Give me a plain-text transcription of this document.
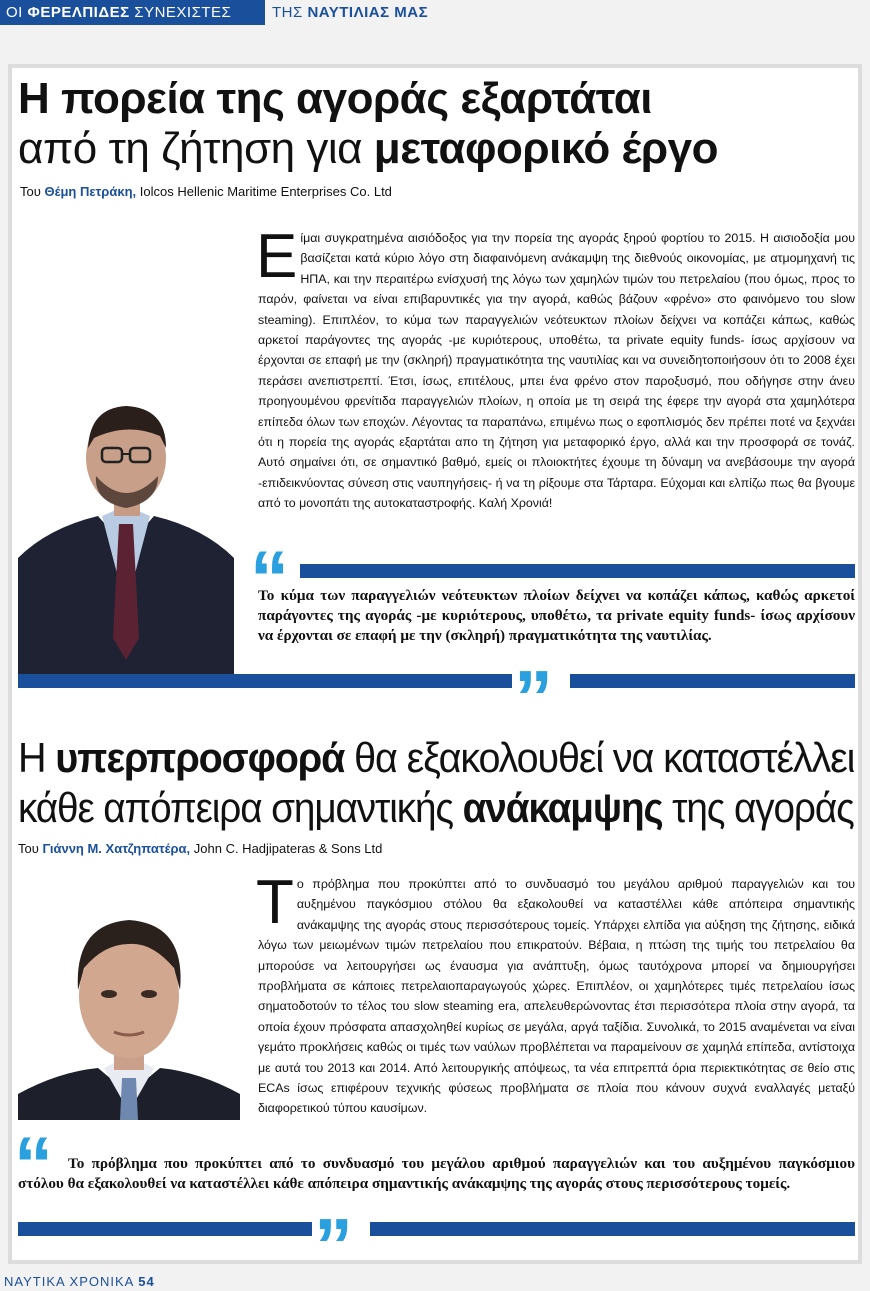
ΟΙ ΦΕΡΕΛΠΙΔΕΣ ΣΥΝΕΧΙΣΤΕΣ	ΤΗΣ ΝΑΥΤΙΛΙΑΣ ΜΑΣ
Η πορεία της αγοράς εξαρτάται
από τη ζήτηση για μεταφορικό έργο
Του Θέμη Πετράκη, Iolcos Hellenic Maritime Enterprises Co. Ltd
Είμαι συγκρατημένα αισιόδοξος για την πορεία της αγοράς ξηρού φορτίου το 2015. Η αισιοδοξία μου βασίζεται κατά κύριο λόγο στη διαφαινόμενη ανάκαμψη της διεθνούς οικονομίας, με ατμομηχανή τις ΗΠΑ, και την περαιτέρω ενίσχυσή της λόγω των χαμηλών τιμών του πετρελαίου (που όμως, προς το παρόν, φαίνεται να είναι επιβαρυντικές για την αγορά, καθώς βάζουν «φρένο» στο φαινόμενο του slow steaming). Επιπλέον, το κύμα των παραγγελιών νεότευκτων πλοίων δείχνει να κοπάζει κάπως, καθώς αρκετοί παράγοντες της αγοράς -με κυριότερους, υποθέτω, τα private equity funds- ίσως αρχίσουν να έρχονται σε επαφή με την (σκληρή) πραγματικότητα της ναυτιλίας και να συνειδητοποιήσουν ότι το 2008 έχει περάσει ανεπιστρεπτί. Έτσι, ίσως, επιτέλους, μπει ένα φρένο στον παροξυσμό, που οδήγησε στην άνευ προηγουμένου φρενίτιδα παραγγελιών πλοίων, η οποία με τη σειρά της έφερε την αγορά στα χαμηλότερα επίπεδα όλων των εποχών. Λέγοντας τα παραπάνω, επιμένω πως ο εφοπλισμός δεν πρέπει ποτέ να ξεχνάει ότι η πορεία της αγοράς εξαρτάται απο τη ζήτηση για μεταφορικό έργο, αλλά και την προσφορά σε τονάζ. Αυτό σημαίνει ότι, σε σημαντικό βαθμό, εμείς οι πλοιοκτήτες έχουμε τη δύναμη να ανεβάσουμε την αγορά -επιδεικνύοντας σύνεση στις ναυπηγήσεις- ή να τη ρίξουμε στα Τάρταρα. Εύχομαι και ελπίζω πως θα βγουμε από το μονοπάτι της αυτοκαταστροφής. Καλή Χρονιά!
“
Το κύμα των παραγγελιών νεότευκτων πλοίων δείχνει να κοπάζει κάπως, καθώς αρκετοί παράγοντες της αγοράς -με κυριότερους, υποθέτω, τα private equity funds- ίσως αρχίσουν να έρχονται σε επαφή με την (σκληρή) πραγματικότητα της ναυτιλίας.
”
Η υπερπροσφορά θα εξακολουθεί να καταστέλλει
κάθε απόπειρα σημαντικής ανάκαμψης της αγοράς
Του Γιάννη Μ. Χατζηπατέρα, John C. Hadjipateras & Sons Ltd
Το πρόβλημα που προκύπτει από το συνδυασμό του μεγάλου αριθμού παραγγελιών και του αυξημένου παγκόσμιου στόλου θα εξακολουθεί να καταστέλλει κάθε απόπειρα σημαντικής ανάκαμψης της αγοράς στους περισσότερους τομείς. Υπάρχει ελπίδα για αύξηση της ζήτησης, ειδικά λόγω των μειωμένων τιμών πετρελαίου που επικρατούν. Βέβαια, η πτώση της τιμής του πετρελαίου θα μπορούσε να λειτουργήσει ως έναυσμα για ανάπτυξη, όμως ταυτόχρονα μπορεί να δημιουργήσει προβλήματα σε κάποιες πετρελαιοπαραγωγούς χώρες. Επιπλέον, οι χαμηλότερες τιμές πετρελαίου ίσως σηματοδοτούν το τέλος του slow steaming era, απελευθερώνοντας έτσι περισσότερα πλοία στην αγορά, τα οποία έχουν πρόσφατα απασχοληθεί κυρίως σε μεγάλα, αργά ταξίδια. Συνολικά, το 2015 αναμένεται να είναι γεμάτο προκλήσεις καθώς οι τιμές των ναύλων προβλέπεται να παραμείνουν σε χαμηλά επίπεδα, αντίστοιχα με αυτά του 2013 και 2014. Από λειτουργικής απόψεως, τα νέα επιτρεπτά όρια περιεκτικότητας σε θείο στις ECAs ίσως επιφέρουν τεχνικής φύσεως προβλήματα σε πλοία που κάνουν συχνά εναλλαγές μεταξύ διαφορετικού τύπου καυσίμων.
“ Το πρόβλημα που προκύπτει από το συνδυασμό του μεγάλου αριθμού παραγγελιών και του αυξημένου παγκόσμιου στόλου θα εξακολουθεί να καταστέλλει κάθε απόπειρα σημαντικής ανάκαμψης της αγοράς στους περισσότερους τομείς.
”
ΝΑΥΤΙΚΑ ΧΡΟΝΙΚΑ 54
